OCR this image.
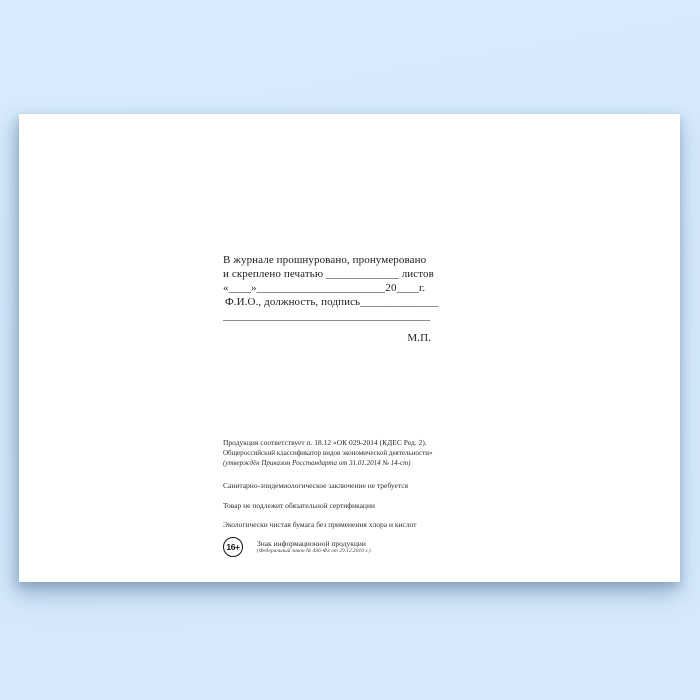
В журнале прошнуровано, пронумеровано
и скреплено печатью _____________ листов
«____»_______________________20____г.
Ф.И.О., должность, подпись______________
_____________________________________
М.П.
Продукция соответствует п. 18.12 «ОК 029-2014 (КДЕС Ред. 2).
Общероссийский классификатор видов экономической деятельности»
(утверждён Приказом Росстандарта от 31.01.2014 № 14-ст)
Санитарно-эпидемиологическое заключение не требуется
Товар не подлежит обязательной сертификации
Экологически чистая бумага без применения хлора и кислот
16+	Знак информационной продукции
(Федеральный закон № 436-ФЗ от 29.12.2010 г.)
